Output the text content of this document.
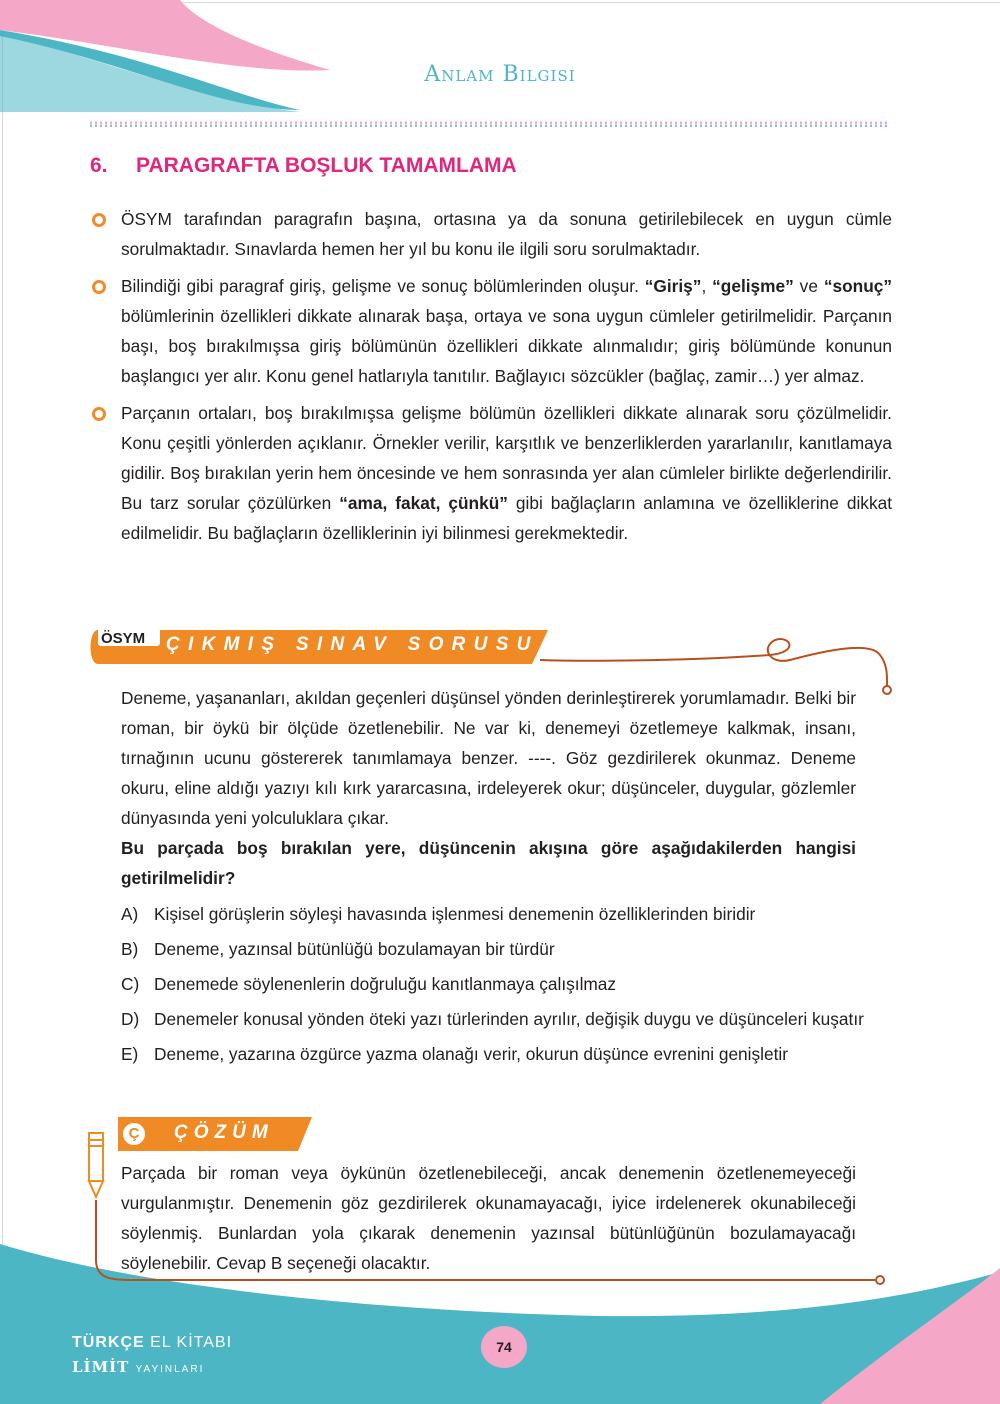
Anlam Bilgisi
6. PARAGRAFTA BOŞLUK TAMAMLAMA
ÖSYM tarafından paragrafın başına, ortasına ya da sonuna getirilebilecek en uygun cümle sorulmaktadır. Sınavlarda hemen her yıl bu konu ile ilgili soru sorulmaktadır.
Bilindiği gibi paragraf giriş, gelişme ve sonuç bölümlerinden oluşur. “Giriş”, “gelişme” ve “sonuç” bölümlerinin özellikleri dikkate alınarak başa, ortaya ve sona uygun cümleler getirilmelidir. Parçanın başı, boş bırakılmışsa giriş bölümünün özellikleri dikkate alınmalıdır; giriş bölümünde konunun başlangıcı yer alır. Konu genel hatlarıyla tanıtılır. Bağlayıcı sözcükler (bağlaç, zamir…) yer almaz.
Parçanın ortaları, boş bırakılmışsa gelişme bölümün özellikleri dikkate alınarak soru çözülmelidir. Konu çeşitli yönlerden açıklanır. Örnekler verilir, karşıtlık ve benzerliklerden yararlanılır, kanıtlamaya gidilir. Boş bırakılan yerin hem öncesinde ve hem sonrasında yer alan cümleler birlikte değerlendirilir. Bu tarz sorular çözülürken “ama, fakat, çünkü” gibi bağlaçların anlamına ve özelliklerine dikkat edilmelidir. Bu bağlaçların özelliklerinin iyi bilinmesi gerekmektedir.
ÖSYM ÇIKMIŞ SINAV SORUSU
Deneme, yaşananları, akıldan geçenleri düşünsel yönden derinleştirerek yorumlamadır. Belki bir roman, bir öykü bir ölçüde özetlenebilir. Ne var ki, denemeyi özetlemeye kalkmak, insanı, tırnağının ucunu göstererek tanımlamaya benzer. ----. Göz gezdirilerek okunmaz. Deneme okuru, eline aldığı yazıyı kılı kırk yararcasına, irdeleyerek okur; düşünceler, duygular, gözlemler dünyasında yeni yolculuklara çıkar.
Bu parçada boş bırakılan yere, düşüncenin akışına göre aşağıdakilerden hangisi getirilmelidir?
A) Kişisel görüşlerin söyleşi havasında işlenmesi denemenin özelliklerinden biridir
B) Deneme, yazınsal bütünlüğü bozulamayan bir türdür
C) Denemede söylenenlerin doğruluğu kanıtlanmaya çalışılmaz
D) Denemeler konusal yönden öteki yazı türlerinden ayrılır, değişik duygu ve düşünceleri kuşatır
E) Deneme, yazarına özgürce yazma olanağı verir, okurun düşünce evrenini genişletir
Ç	ÇÖZÜM
Parçada bir roman veya öykünün özetlenebileceği, ancak denemenin özetlenemeyeceği vurgulanmıştır. Denemenin göz gezdirilerek okunamayacağı, iyice irdelenerek okunabileceği söylenmiş. Bunlardan yola çıkarak denemenin yazınsal bütünlüğünün bozulamayacağı söylenebilir. Cevap B seçeneği olacaktır.
TÜRKÇE EL KİTABI
LİMİT YAYINLARI
74
